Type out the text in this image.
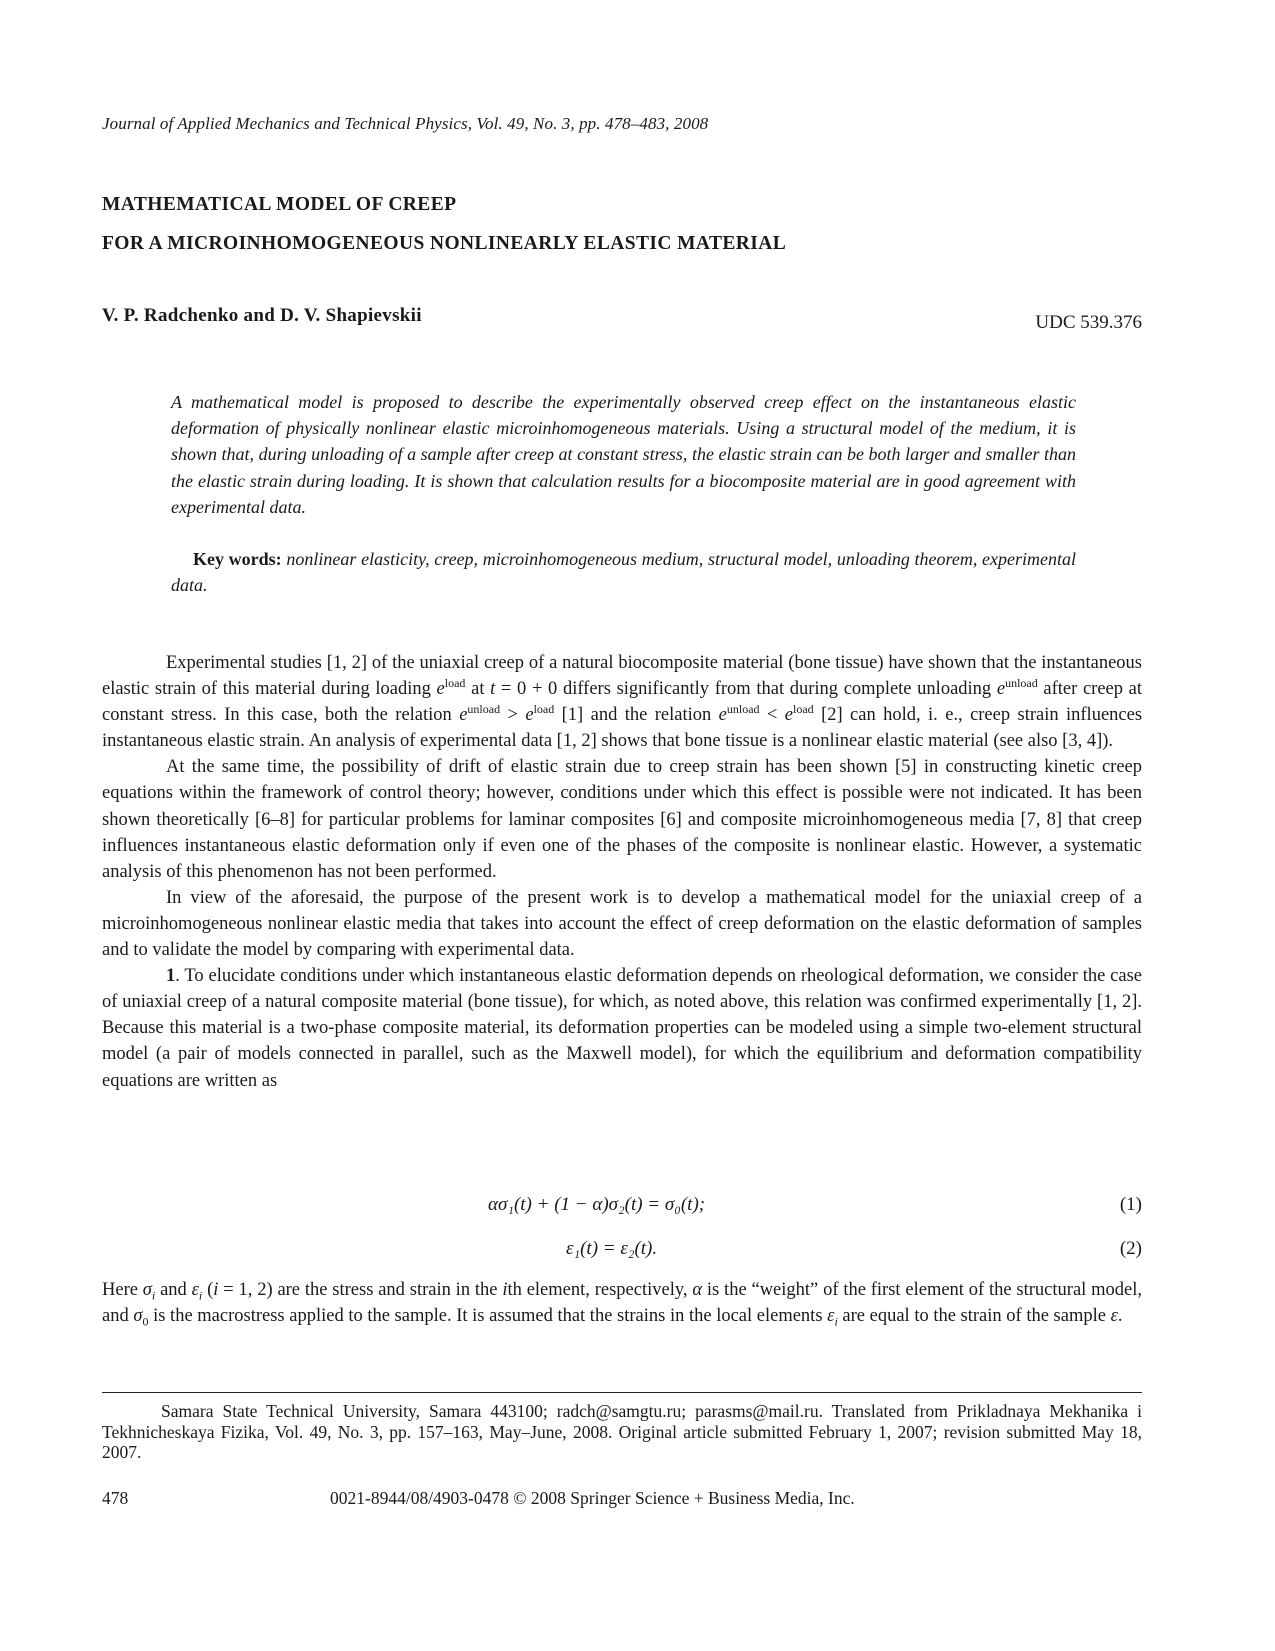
Journal of Applied Mechanics and Technical Physics, Vol. 49, No. 3, pp. 478–483, 2008
MATHEMATICAL MODEL OF CREEP
FOR A MICROINHOMOGENEOUS NONLINEARLY ELASTIC MATERIAL
V. P. Radchenko and D. V. Shapievskii	UDC 539.376
A mathematical model is proposed to describe the experimentally observed creep effect on the instantaneous elastic deformation of physically nonlinear elastic microinhomogeneous materials. Using a structural model of the medium, it is shown that, during unloading of a sample after creep at constant stress, the elastic strain can be both larger and smaller than the elastic strain during loading. It is shown that calculation results for a biocomposite material are in good agreement with experimental data.
Key words: nonlinear elasticity, creep, microinhomogeneous medium, structural model, unloading theorem, experimental data.

Experimental studies [1, 2] of the uniaxial creep of a natural biocomposite material (bone tissue) have shown that the instantaneous elastic strain of this material during loading $e^{load}$ at t = 0 + 0 differs significantly from that during complete unloading $e^{unload}$ after creep at constant stress. In this case, both the relation $e^{unload} > e^{load}$ [1] and the relation $e^{unload} < e^{load}$ [2] can hold, i. e., creep strain influences instantaneous elastic strain. An analysis of experimental data [1, 2] shows that bone tissue is a nonlinear elastic material (see also [3, 4]).

At the same time, the possibility of drift of elastic strain due to creep strain has been shown [5] in constructing kinetic creep equations within the framework of control theory; however, conditions under which this effect is possible were not indicated. It has been shown theoretically [6–8] for particular problems for laminar composites [6] and composite microinhomogeneous media [7, 8] that creep influences instantaneous elastic deformation only if even one of the phases of the composite is nonlinear elastic. However, a systematic analysis of this phenomenon has not been performed.

In view of the aforesaid, the purpose of the present work is to develop a mathematical model for the uniaxial creep of a microinhomogeneous nonlinear elastic media that takes into account the effect of creep deformation on the elastic deformation of samples and to validate the model by comparing with experimental data.

1. To elucidate conditions under which instantaneous elastic deformation depends on rheological deformation, we consider the case of uniaxial creep of a natural composite material (bone tissue), for which, as noted above, this relation was confirmed experimentally [1, 2]. Because this material is a two-phase composite material, its deformation properties can be modeled using a simple two-element structural model (a pair of models connected in parallel, such as the Maxwell model), for which the equilibrium and deformation compatibility equations are written as

ασ₁(t) + (1 − α)σ₂(t) = σ₀(t);	(1)
ε₁(t) = ε₂(t).	(2)

Here $\sigma_i$ and $\varepsilon_i$ (i = 1, 2) are the stress and strain in the ith element, respectively, α is the “weight” of the first element of the structural model, and $\sigma_0$ is the macrostress applied to the sample. It is assumed that the strains in the local elements $\varepsilon_i$ are equal to the strain of the sample ε.

Samara State Technical University, Samara 443100; radch@samgtu.ru; parasms@mail.ru. Translated from Prikladnaya Mekhanika i Tekhnicheskaya Fizika, Vol. 49, No. 3, pp. 157–163, May–June, 2008. Original article submitted February 1, 2007; revision submitted May 18, 2007.
478	0021-8944/08/4903-0478 © 2008 Springer Science + Business Media, Inc.
